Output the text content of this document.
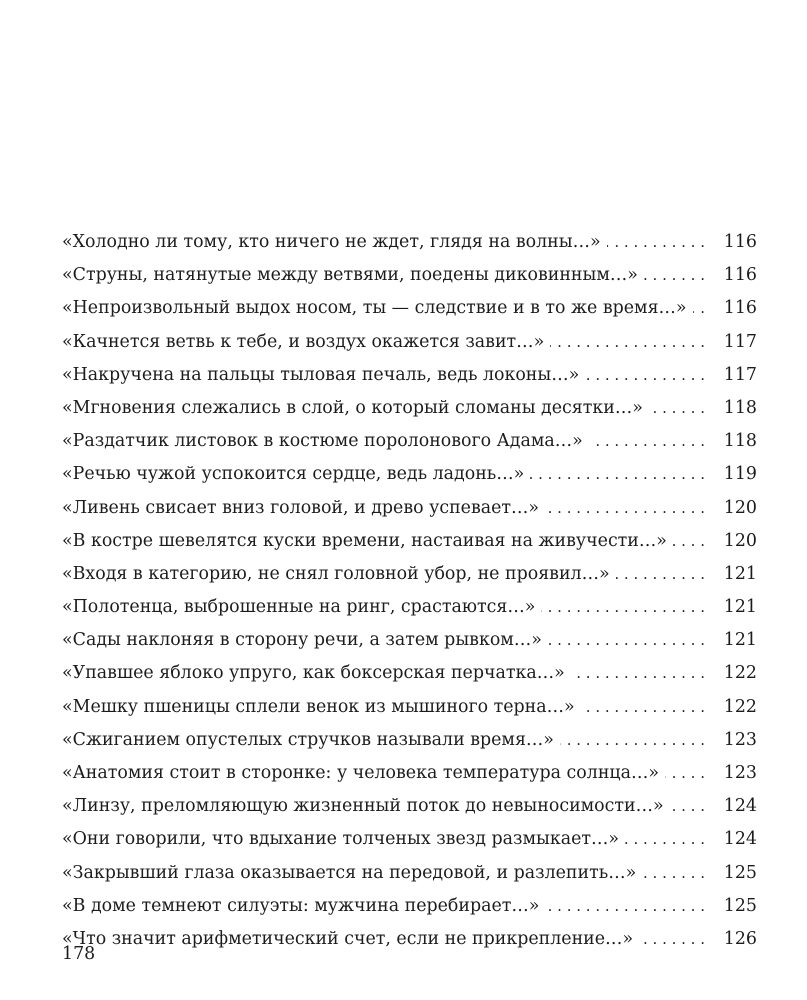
«Холодно ли тому, кто ничего не ждет, глядя на волны…» . . .	116
«Струны, натянутые между ветвями, поедены диковинным…» . . .	116
«Непроизвольный выдох носом, ты — следствие и в то же время…» . . .	116
«Качнется ветвь к тебе, и воздух окажется завит…» . . .	117
«Накручена на пальцы тыловая печаль, ведь локоны…» . . .	117
«Мгновения слежались в слой, о который сломаны десятки…» . . .	118
«Раздатчик листовок в костюме поролонового Адама…» . . .	118
«Речью чужой успокоится сердце, ведь ладонь…» . . .	119
«Ливень свисает вниз головой, и древо успевает…» . . .	120
«В костре шевелятся куски времени, настаивая на живучести…» . . .	120
«Входя в категорию, не снял головной убор, не проявил…» . . .	121
«Полотенца, выброшенные на ринг, срастаются…» . . .	121
«Сады наклоняя в сторону речи, а затем рывком…» . . .	121
«Упавшее яблоко упруго, как боксерская перчатка…» . . .	122
«Мешку пшеницы сплели венок из мышиного терна…» . . .	122
«Сжиганием опустелых стручков называли время…» . . .	123
«Анатомия стоит в сторонке: у человека температура солнца…» . . .	123
«Линзу, преломляющую жизненный поток до невыносимости…» . . .	124
«Они говорили, что вдыхание толченых звезд размыкает…» . . .	124
«Закрывший глаза оказывается на передовой, и разлепить…» . . .	125
«В доме темнеют силуэты: мужчина перебирает…» . . .	125
«Что значит арифметический счет, если не прикрепление…» . . .	126
178
